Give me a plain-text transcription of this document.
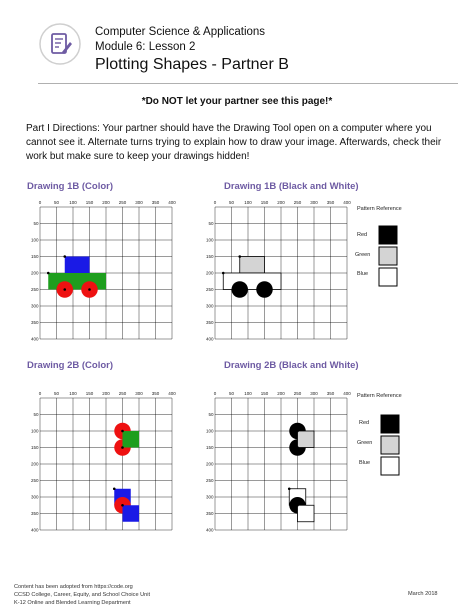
Computer Science & Applications
Module 6: Lesson 2
Plotting Shapes - Partner B
*Do NOT let your partner see this page!*
Part I Directions: Your partner should have the Drawing Tool open on a computer where you cannot see it. Alternate turns trying to explain how to draw your image. Afterwards, check their work but make sure to keep your drawings hidden!
Drawing 1B (Color)	Drawing 1B (Black and White)
Drawing 2B (Color)	Drawing 2B (Black and White)
0	50
50
100
100
150
150
200
200
250
250
300
300
350
350
400
400
0	50
50
100
100
150
150
200
200
250
250
300
300
350
350
400
400
0	50
50
100
100
150
150
200
200
250
250
300
300
350
350
400
400
0	50
50
100
100
150
150
200
200
250
250
300
300
350
350
400
400
Pattern Reference
Red
Green
Blue
Pattern Reference
Red
Green
Blue
Content has been adopted from https://code.org
CCSD College, Career, Equity, and School Choice Unit
K-12 Online and Blended Learning Department
March 2018
